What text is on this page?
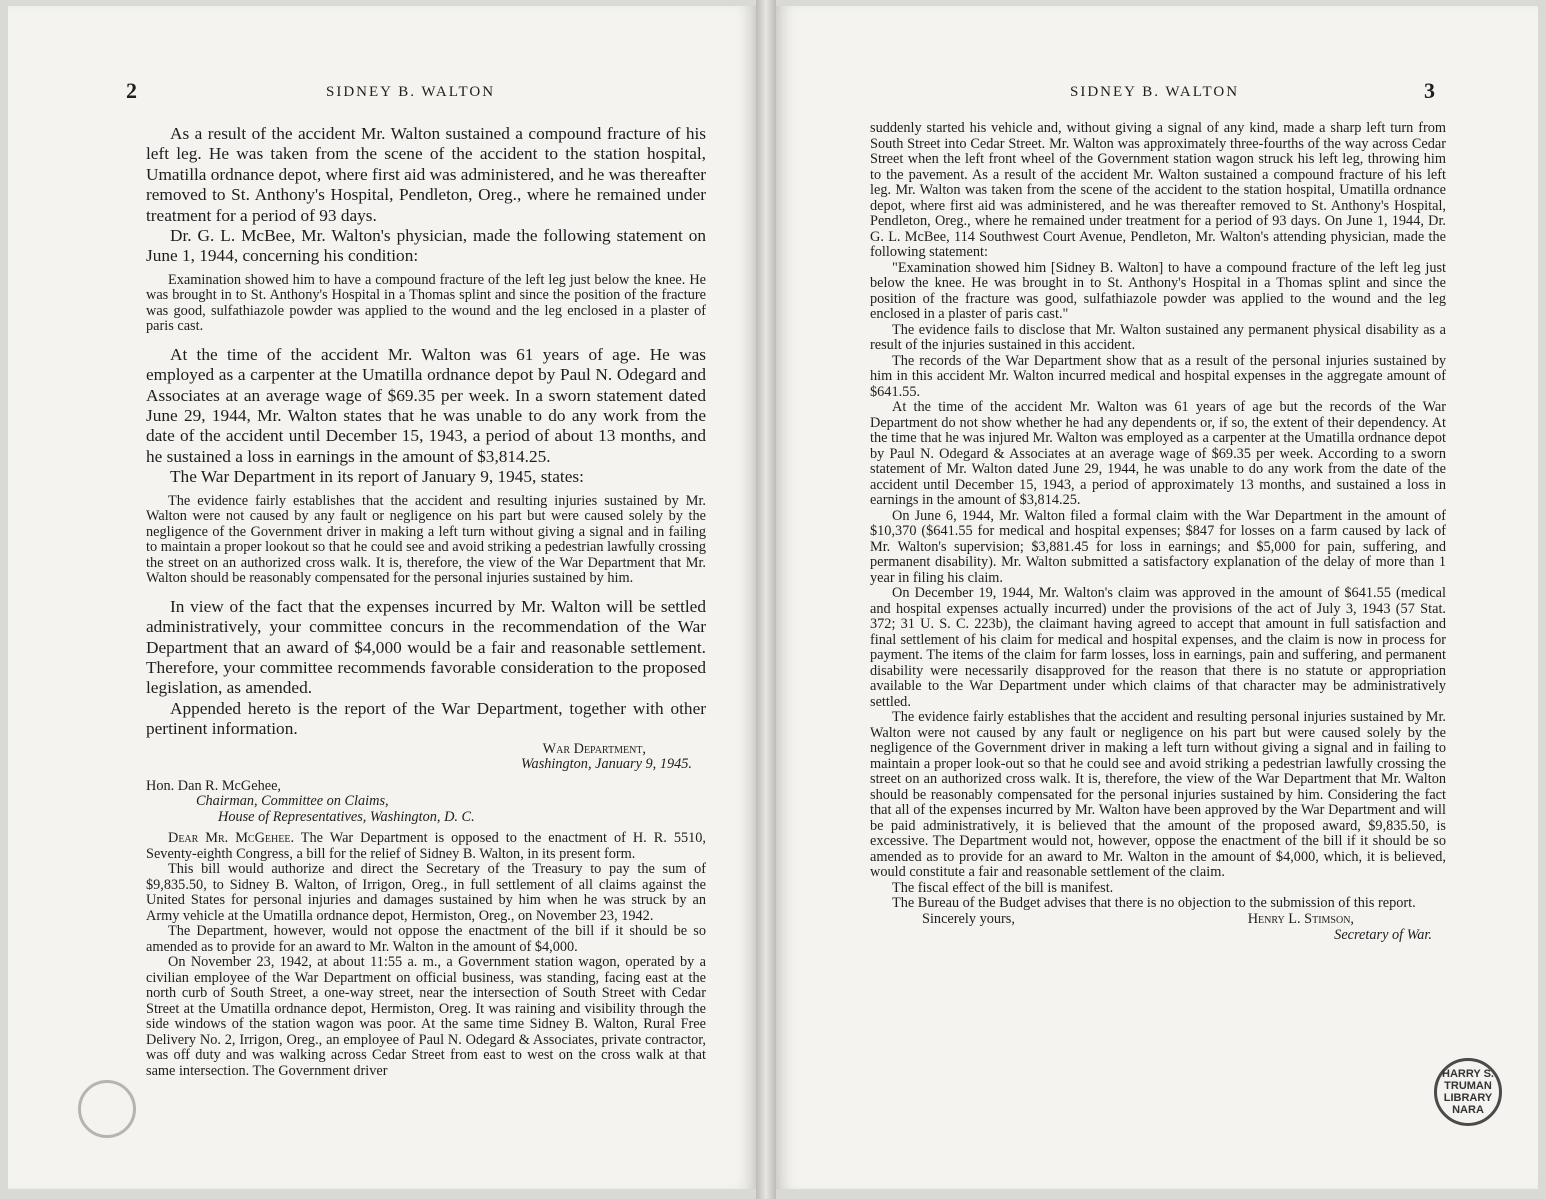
2	SIDNEY B. WALTON

As a result of the accident Mr. Walton sustained a compound fracture of his left leg. He was taken from the scene of the accident to the station hospital, Umatilla ordnance depot, where first aid was administered, and he was thereafter removed to St. Anthony's Hospital, Pendleton, Oreg., where he remained under treatment for a period of 93 days.

Dr. G. L. McBee, Mr. Walton's physician, made the following statement on June 1, 1944, concerning his condition:

Examination showed him to have a compound fracture of the left leg just below the knee. He was brought in to St. Anthony's Hospital in a Thomas splint and since the position of the fracture was good, sulfathiazole powder was applied to the wound and the leg enclosed in a plaster of paris cast.

At the time of the accident Mr. Walton was 61 years of age. He was employed as a carpenter at the Umatilla ordnance depot by Paul N. Odegard and Associates at an average wage of $69.35 per week. In a sworn statement dated June 29, 1944, Mr. Walton states that he was unable to do any work from the date of the accident until December 15, 1943, a period of about 13 months, and he sustained a loss in earnings in the amount of $3,814.25.

The War Department in its report of January 9, 1945, states:

The evidence fairly establishes that the accident and resulting injuries sustained by Mr. Walton were not caused by any fault or negligence on his part but were caused solely by the negligence of the Government driver in making a left turn without giving a signal and in failing to maintain a proper lookout so that he could see and avoid striking a pedestrian lawfully crossing the street on an authorized cross walk. It is, therefore, the view of the War Department that Mr. Walton should be reasonably compensated for the personal injuries sustained by him.

In view of the fact that the expenses incurred by Mr. Walton will be settled administratively, your committee concurs in the recommendation of the War Department that an award of $4,000 would be a fair and reasonable settlement. Therefore, your committee recommends favorable consideration to the proposed legislation, as amended.

Appended hereto is the report of the War Department, together with other pertinent information.

War Department,

Washington, January 9, 1945.

Hon. Dan R. McGehee,

Chairman, Committee on Claims,

House of Representatives, Washington, D. C.

Dear Mr. McGehee. The War Department is opposed to the enactment of H. R. 5510, Seventy-eighth Congress, a bill for the relief of Sidney B. Walton, in its present form.

This bill would authorize and direct the Secretary of the Treasury to pay the sum of $9,835.50, to Sidney B. Walton, of Irrigon, Oreg., in full settlement of all claims against the United States for personal injuries and damages sustained by him when he was struck by an Army vehicle at the Umatilla ordnance depot, Hermiston, Oreg., on November 23, 1942.

The Department, however, would not oppose the enactment of the bill if it should be so amended as to provide for an award to Mr. Walton in the amount of $4,000.

On November 23, 1942, at about 11:55 a. m., a Government station wagon, operated by a civilian employee of the War Department on official business, was standing, facing east at the north curb of South Street, a one-way street, near the intersection of South Street with Cedar Street at the Umatilla ordnance depot, Hermiston, Oreg. It was raining and visibility through the side windows of the station wagon was poor. At the same time Sidney B. Walton, Rural Free Delivery No. 2, Irrigon, Oreg., an employee of Paul N. Odegard & Associates, private contractor, was off duty and was walking across Cedar Street from east to west on the cross walk at that same intersection. The Government driver

SIDNEY B. WALTON	3

suddenly started his vehicle and, without giving a signal of any kind, made a sharp left turn from South Street into Cedar Street. Mr. Walton was approximately three-fourths of the way across Cedar Street when the left front wheel of the Government station wagon struck his left leg, throwing him to the pavement. As a result of the accident Mr. Walton sustained a compound fracture of his left leg. Mr. Walton was taken from the scene of the accident to the station hospital, Umatilla ordnance depot, where first aid was administered, and he was thereafter removed to St. Anthony's Hospital, Pendleton, Oreg., where he remained under treatment for a period of 93 days. On June 1, 1944, Dr. G. L. McBee, 114 Southwest Court Avenue, Pendleton, Mr. Walton's attending physician, made the following statement:

"Examination showed him [Sidney B. Walton] to have a compound fracture of the left leg just below the knee. He was brought in to St. Anthony's Hospital in a Thomas splint and since the position of the fracture was good, sulfathiazole powder was applied to the wound and the leg enclosed in a plaster of paris cast."

The evidence fails to disclose that Mr. Walton sustained any permanent physical disability as a result of the injuries sustained in this accident.

The records of the War Department show that as a result of the personal injuries sustained by him in this accident Mr. Walton incurred medical and hospital expenses in the aggregate amount of $641.55.

At the time of the accident Mr. Walton was 61 years of age but the records of the War Department do not show whether he had any dependents or, if so, the extent of their dependency. At the time that he was injured Mr. Walton was employed as a carpenter at the Umatilla ordnance depot by Paul N. Odegard & Associates at an average wage of $69.35 per week. According to a sworn statement of Mr. Walton dated June 29, 1944, he was unable to do any work from the date of the accident until December 15, 1943, a period of approximately 13 months, and sustained a loss in earnings in the amount of $3,814.25.

On June 6, 1944, Mr. Walton filed a formal claim with the War Department in the amount of $10,370 ($641.55 for medical and hospital expenses; $847 for losses on a farm caused by lack of Mr. Walton's supervision; $3,881.45 for loss in earnings; and $5,000 for pain, suffering, and permanent disability). Mr. Walton submitted a satisfactory explanation of the delay of more than 1 year in filing his claim.

On December 19, 1944, Mr. Walton's claim was approved in the amount of $641.55 (medical and hospital expenses actually incurred) under the provisions of the act of July 3, 1943 (57 Stat. 372; 31 U. S. C. 223b), the claimant having agreed to accept that amount in full satisfaction and final settlement of his claim for medical and hospital expenses, and the claim is now in process for payment. The items of the claim for farm losses, loss in earnings, pain and suffering, and permanent disability were necessarily disapproved for the reason that there is no statute or appropriation available to the War Department under which claims of that character may be administratively settled.

The evidence fairly establishes that the accident and resulting personal injuries sustained by Mr. Walton were not caused by any fault or negligence on his part but were caused solely by the negligence of the Government driver in making a left turn without giving a signal and in failing to maintain a proper look-out so that he could see and avoid striking a pedestrian lawfully crossing the street on an authorized cross walk. It is, therefore, the view of the War Department that Mr. Walton should be reasonably compensated for the personal injuries sustained by him. Considering the fact that all of the expenses incurred by Mr. Walton have been approved by the War Department and will be paid administratively, it is believed that the amount of the proposed award, $9,835.50, is excessive. The Department would not, however, oppose the enactment of the bill if it should be so amended as to provide for an award to Mr. Walton in the amount of $4,000, which, it is believed, would constitute a fair and reasonable settlement of the claim.

The fiscal effect of the bill is manifest.

The Bureau of the Budget advises that there is no objection to the submission of this report.

Sincerely yours,	Henry L. Stimson,

Secretary of War.

HARRY S. TRUMAN LIBRARY NARA
